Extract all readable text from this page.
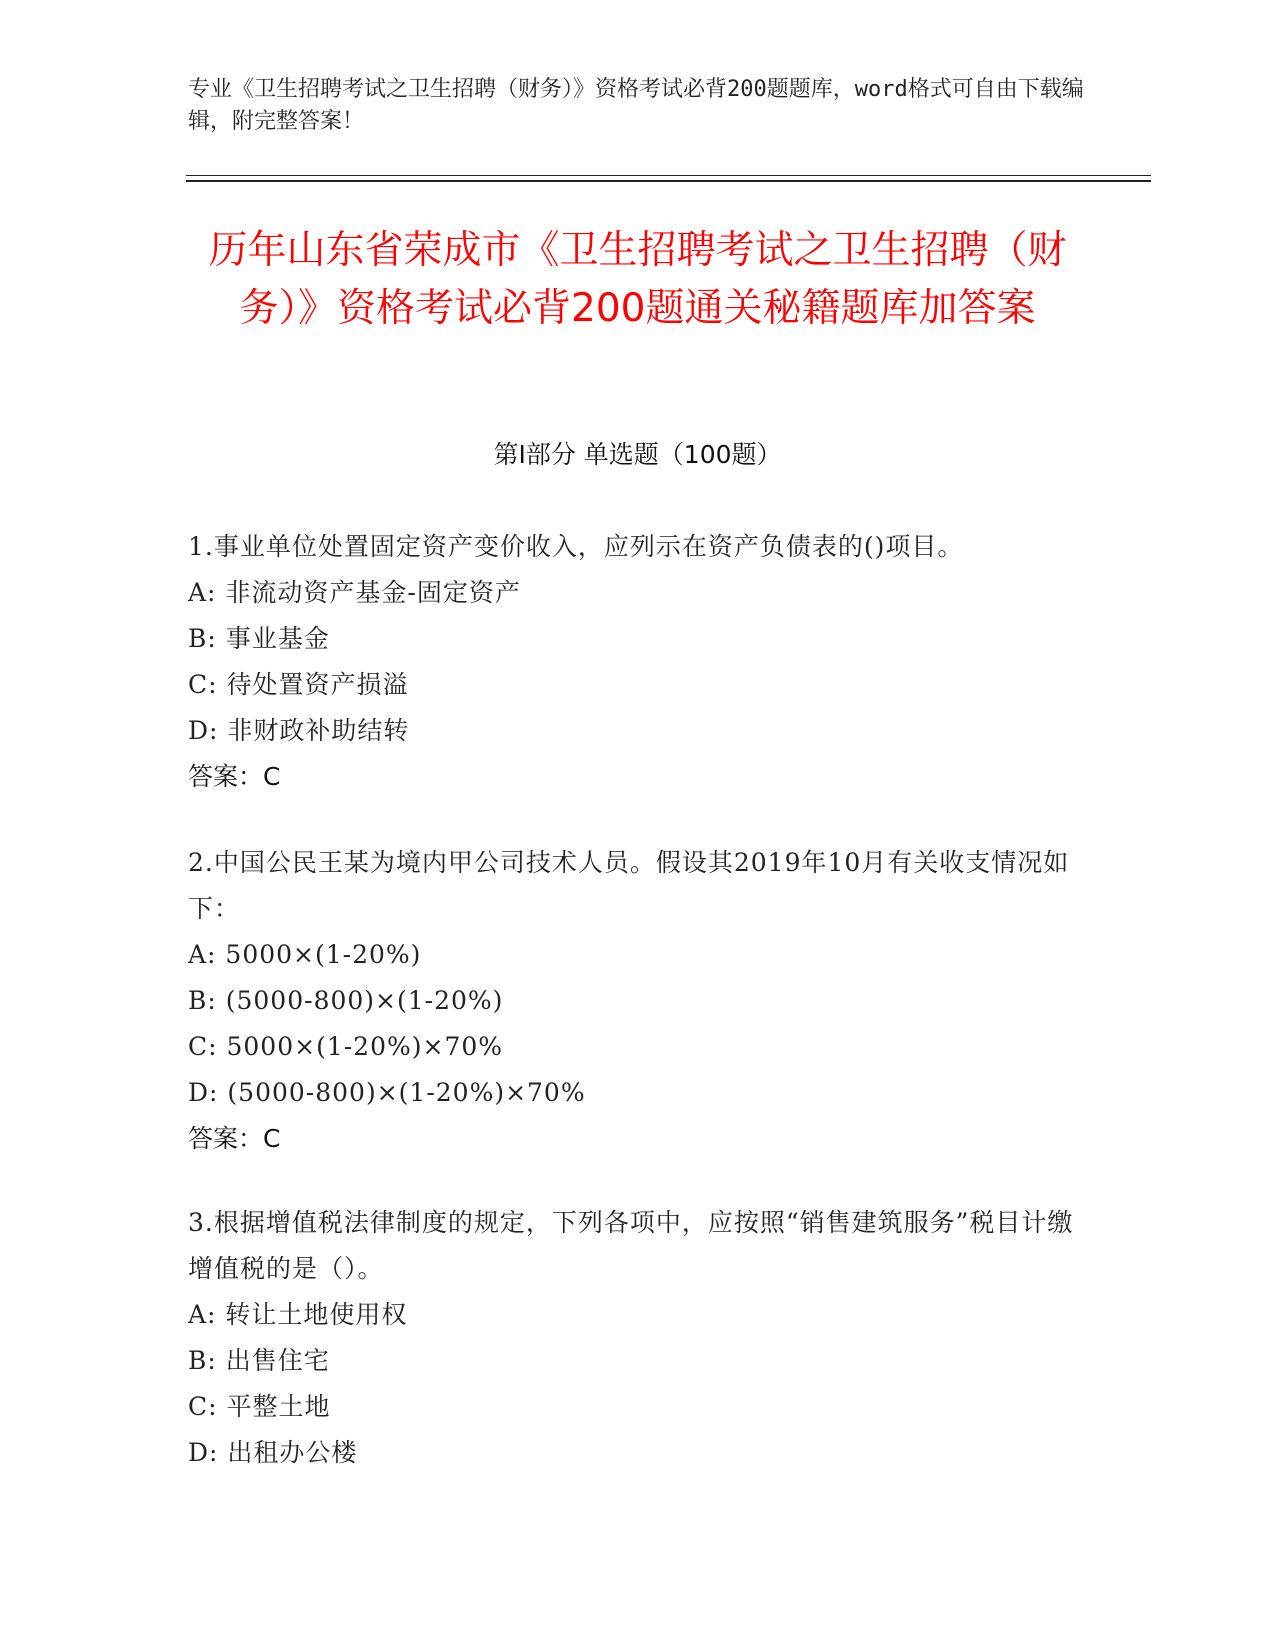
专业《卫生招聘考试之卫生招聘（财务）》资格考试必背200题题库，word格式可自由下载编辑，附完整答案！
历年山东省荣成市《卫生招聘考试之卫生招聘（财务）》资格考试必背200题通关秘籍题库加答案
第I部分 单选题（100题）
1.事业单位处置固定资产变价收入，应列示在资产负债表的()项目。
A: 非流动资产基金-固定资产
B: 事业基金
C: 待处置资产损溢
D: 非财政补助结转
答案：C
2.中国公民王某为境内甲公司技术人员。假设其2019年10月有关收支情况如下：
A: 5000×(1-20%)
B: (5000-800)×(1-20%)
C: 5000×(1-20%)×70%
D: (5000-800)×(1-20%)×70%
答案：C
3.根据增值税法律制度的规定，下列各项中，应按照“销售建筑服务”税目计缴增值税的是（）。
A: 转让土地使用权
B: 出售住宅
C: 平整土地
D: 出租办公楼
